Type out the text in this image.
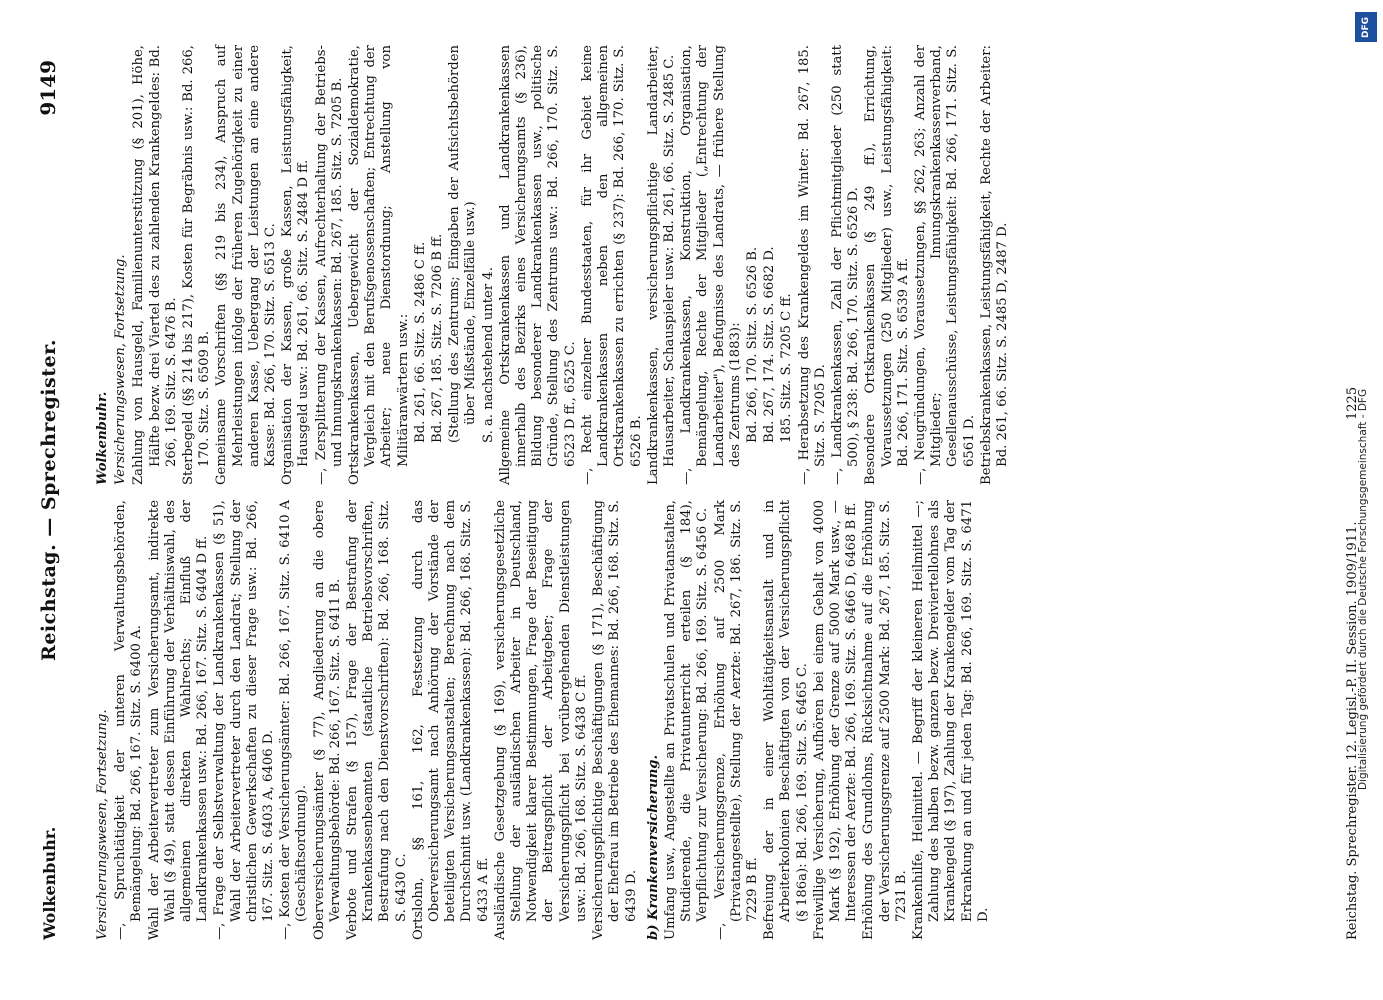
Wolkenbuhr.
Reichstag. — Sprechregister.
9149
Versicherungswesen, Fortsetzung. —, Spruchtätigkeit der unteren Verwaltungsbehörden, Bemängelung: Bd. 266, 167. Sitz. S. 6400 A. Wahl der Arbeitervertreter zum Versicherungsamt, indirekte Wahl (§ 49), statt dessen Einführung der Verhältniswahl, des allgemeinen direkten Wahlrechts; Einfluß der Landkrankenkassen usw.: Bd. 266, 167. Sitz. S. 6404 D ff. —, Frage der Selbstverwaltung der Landkrankenkassen (§ 51), Wahl der Arbeitervertreter durch den Landrat; Stellung der christlichen Gewerkschaften zu dieser Frage usw.: Bd. 266, 167. Sitz. S. 6403 A, 6406 D. —, Kosten der Versicherungsämter: Bd. 266, 167. Sitz. S. 6410 A (Geschäftsordnung). Oberversicherungsämter (§ 77), Angliederung an die obere Verwaltungsbehörde: Bd. 266, 167. Sitz. S. 6411 B. Verbote und Strafen (§ 157), Frage der Bestrafung der Krankenkassenbeamten (staatliche Betriebsvorschriften, Bestrafung nach den Dienstvorschriften): Bd. 266, 168. Sitz. S. 6430 C. Ortslohn, §§ 161, 162, Festsetzung durch das Oberversicherungsamt nach Anhörung der Vorstände der beteiligten Versicherungsanstalten; Berechnung nach dem Durchschnitt usw. (Landkrankenkassen): Bd. 266, 168. Sitz. S. 6433 A ff. Ausländische Gesetzgebung (§ 169), versicherungsgesetzliche Stellung der ausländischen Arbeiter in Deutschland, Notwendigkeit klarer Bestimmungen, Frage der Beseitigung der Beitragspflicht der Arbeitgeber; Frage der Versicherungspflicht bei vorübergehenden Dienstleistungen usw.: Bd. 266, 168. Sitz. S. 6438 C ff. Versicherungspflichtige Beschäftigungen (§ 171), Beschäftigung der Ehefrau im Betriebe des Ehemannes: Bd. 266, 168. Sitz. S. 6439 D. b) Krankenversicherung. Umfang usw., Angestellte an Privatschulen und Privatanstalten, Studierende, die Privatunterricht erteilen (§ 184), Verpflichtung zur Versicherung: Bd. 266, 169. Sitz. S. 6456 C. —, Versicherungsgrenze, Erhöhung auf 2500 Mark (Privatangestellte), Stellung der Aerzte: Bd. 267, 186. Sitz. S. 7229 B ff. Befreiung der in einer Wohltätigkeitsanstalt und in Arbeiterkolonien Beschäftigten von der Versicherungspflicht (§ 186a): Bd. 266, 169. Sitz. S. 6465 C. Freiwillige Versicherung, Aufhören bei einem Gehalt von 4000 Mark (§ 192), Erhöhung der Grenze auf 5000 Mark usw., — Interessen der Aerzte: Bd. 266, 169. Sitz. S. 6466 D, 6468 B ff. Erhöhung des Grundlohns, Rücksichtnahme auf die Erhöhung der Versicherungsgrenze auf 2500 Mark: Bd. 267, 185. Sitz. S. 7231 B. Krankenhilfe, Heilmittel. — Begriff der kleineren Heilmittel —; Zahlung des halben bezw. ganzen bezw. Dreiviertellohnes als Krankengeld (§ 197), Zahlung der Krankengelder vom Tag der Erkrankung an und für jeden Tag: Bd. 266, 169. Sitz. S. 6471 D.

Wolkenbuhr. Versicherungswesen, Fortsetzung. Zahlung von Hausgeld, Familienunterstützung (§ 201), Höhe, Hälfte bezw. drei Viertel des zu zahlenden Krankengeldes: Bd. 266, 169. Sitz. S. 6476 B. Sterbegeld (§§ 214 bis 217), Kosten für Begräbnis usw.: Bd. 266, 170. Sitz. S. 6509 B. Gemeinsame Vorschriften (§§ 219 bis 234), Anspruch auf Mehrleistungen infolge der früheren Zugehörigkeit zu einer anderen Kasse, Uebergang der Leistungen an eine andere Kasse: Bd. 266, 170. Sitz. S. 6513 C. Organisation der Kassen, große Kassen, Leistungsfähigkeit, Hausgeld usw.: Bd. 261, 66. Sitz. S. 2484 D ff. —, Zersplitterung der Kassen, Aufrechterhaltung der Betriebs- und Innungskrankenkassen: Bd. 267, 185. Sitz. S. 7205 B. Ortskrankenkassen, Uebergewicht der Sozialdemokratie, Vergleich mit den Berufsgenossenschaften; Entrechtung der Arbeiter; neue Dienstordnung; Anstellung von Militäranwärtern usw.: Bd. 261, 66. Sitz. S. 2486 C ff. Bd. 267, 185. Sitz. S. 7206 B ff. (Stellung des Zentrums; Eingaben der Aufsichtsbehörden über Mißstände, Einzelfälle usw.) S. a. nachstehend unter 4. Allgemeine Ortskrankenkassen und Landkrankenkassen innerhalb des Bezirks eines Versicherungsamts (§ 236), Bildung besonderer Landkrankenkassen usw., politische Gründe, Stellung des Zentrums usw.: Bd. 266, 170. Sitz. S. 6523 D ff., 6525 C. —, Recht einzelner Bundesstaaten, für ihr Gebiet keine Landkrankenkassen neben den allgemeinen Ortskrankenkassen zu errichten (§ 237): Bd. 266, 170. Sitz. S. 6526 B. Landkrankenkassen, versicherungspflichtige Landarbeiter, Hausarbeiter, Schauspieler usw.: Bd. 261, 66. Sitz. S. 2485 C. —, Landkrankenkassen, Konstruktion, Organisation, Bemängelung, Rechte der Mitglieder („Entrechtung der Landarbeiter"), Befugnisse des Landrats, — frühere Stellung des Zentrums (1883): Bd. 266, 170. Sitz. S. 6526 B. Bd. 267, 174. Sitz. S. 6682 D. 185. Sitz. S. 7205 C ff. —, Herabsetzung des Krankengeldes im Winter: Bd. 267, 185. Sitz. S. 7205 D. —, Landkrankenkassen, Zahl der Pflichtmitglieder (250 statt 500), § 238: Bd. 266, 170. Sitz. S. 6526 D. Besondere Ortskrankenkassen (§ 249 ff.), Errichtung, Voraussetzungen (250 Mitglieder) usw., Leistungsfähigkeit: Bd. 266, 171. Sitz. S. 6539 A ff. —, Neugründungen, Voraussetzungen, §§ 262, 263; Anzahl der Mitglieder; Innungskrankenkassenverband, Gesellenausschüsse, Leistungsfähigkeit: Bd. 266, 171. Sitz. S. 6561 D. Betriebskrankenkassen, Leistungsfähigkeit, Rechte der Arbeiter: Bd. 261, 66. Sitz. S. 2485 D, 2487 D.

Reichstag. Sprechregister. 12. Legisl.-P. II. Session. 1909/1911.
1225
DFG
Digitalisierung gefördert durch die Deutsche Forschungsgemeinschaft - DFG
